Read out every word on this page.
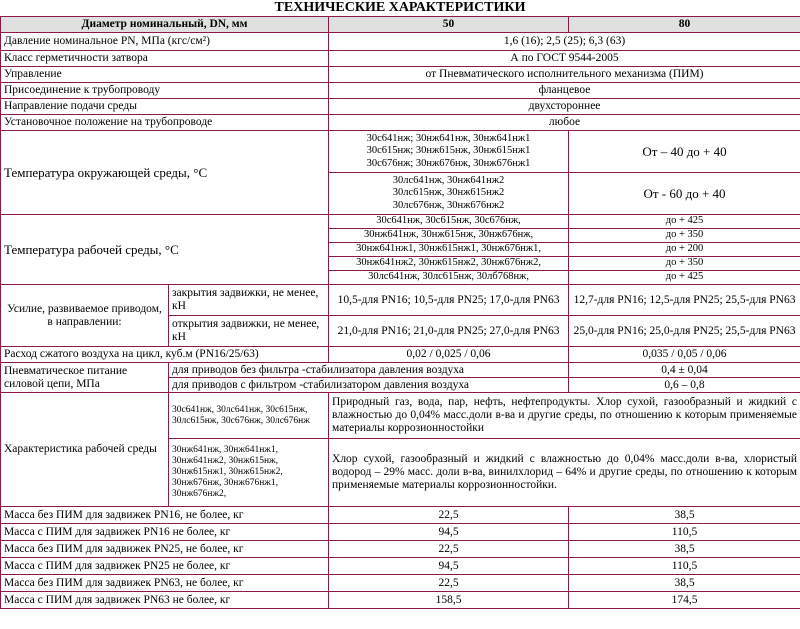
ТЕХНИЧЕСКИЕ ХАРАКТЕРИСТИКИ
Диаметр номинальный, DN, мм		50	80
Давление номинальное PN, МПа (кгс/см²)		1,6 (16); 2,5 (25); 6,3 (63)	
Класс герметичности затвора		А по ГОСТ 9544-2005	
Управление		от Пневматического исполнительного механизма (ПИМ)	
Присоединение к трубопроводу		фланцевое	
Направление подачи среды		двухстороннее	
Установочное положение на трубопроводе		любое	
Температура окружающей среды, °С		30с641нж; 30нж641нж, 30нж641нж1
30с615нж; 30нж615нж, 30нж615нж1
30с676нж; 30нж676нж, 30нж676нж1	От – 40 до + 40

		30лс641нж, 30нж641нж2
30лс615нж, 30нж615нж2
30лс676нж, 30нж676нж2	От - 60 до + 40
Температура рабочей среды, °С		30с641нж, 30с615нж, 30с676нж,	до + 425
		30нж641нж, 30нж615нж, 30нж676нж,	до + 350
		30нж641нж1, 30нж615нж1, 30нж676нж1,	до + 200
		30нж641нж2, 30нж615нж2, 30нж676нж2,	до + 350
		30лс641нж, 30лс615нж, 30лб768нж,	до + 425
Усилие, развиваемое приводом, в направлении:	закрытия задвижки, не менее, кН	10,5-для PN16; 10,5-для PN25; 17,0-для PN63	12,7-для PN16; 12,5-для PN25; 25,5-для PN63
	открытия задвижки, не менее, кН	21,0-для PN16; 21,0-для PN25; 27,0-для PN63	25,0-для PN16; 25,0-для PN25; 25,5-для PN63
Расход сжатого воздуха на цикл, куб.м (PN16/25/63)		0,02 / 0,025 / 0,06	0,035 / 0,05 / 0,06
Пневматическое питание силовой цепи, МПа	для приводов без фильтра -стабилизатора давления воздуха		0,4 ± 0,04
	для приводов с фильтром -стабилизатором давления воздуха		0,6 – 0,8
Характеристика рабочей среды	30с641нж, 30лс641нж, 30с615нж, 30лс615нж, 30с676нж, 30лс676нж	Природный газ, вода, пар, нефть, нефтепродукты. Хлор сухой, газообразный и жидкий с влажностью до 0,04% масс.доли в-ва и другие среды, по отношению к которым применяемые материалы коррозионностойки	
	30нж641нж, 30нж641нж1, 30нж641нж2, 30нж615нж, 30нж615нж1, 30нж615нж2, 30нж676нж, 30нж676нж1, 30нж676нж2,	Хлор сухой, газообразный и жидкий с влажностью до 0,04% масс.доли в-ва, хлористый водород – 29% масс. доли в-ва, винилхлорид – 64% и другие среды, по отношению к которым применяемые материалы коррозионностойки.	
Масса без ПИМ для задвижек PN16, не более, кг		22,5	38,5
Масса с ПИМ для задвижек PN16 не более, кг		94,5	110,5
Масса без ПИМ для задвижек PN25, не более, кг		22,5	38,5
Масса с ПИМ для задвижек PN25 не более, кг		94,5	110,5
Масса без ПИМ для задвижек PN63, не более, кг		22,5	38,5
Масса с ПИМ для задвижек PN63 не более, кг		158,5	174,5
